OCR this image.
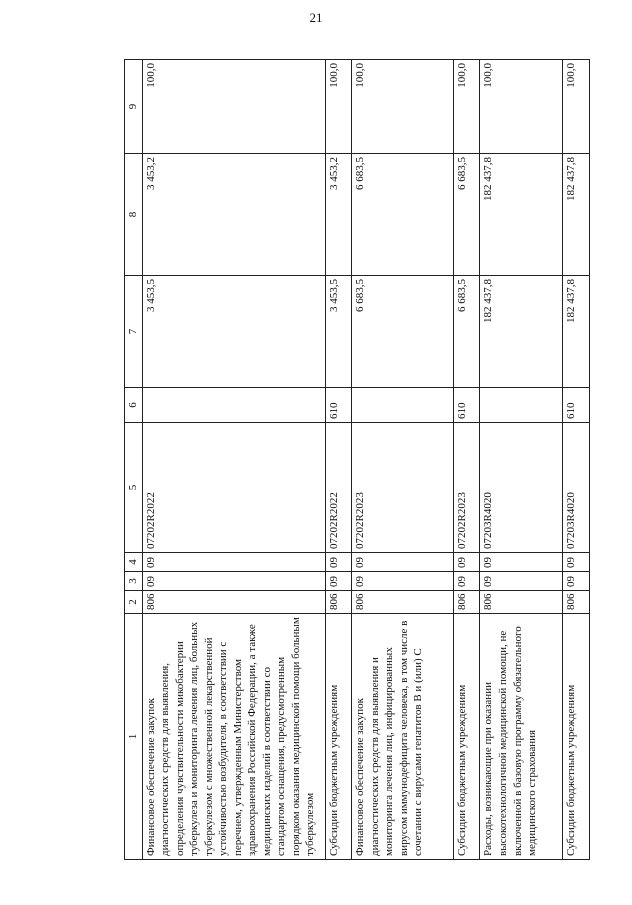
21
1	2	3	4	5	6	7	8	9
Финансовое обеспечение закупок диагностических средств для выявления, определения чувствительности микобактерии туберкулеза и мониторинга лечения лиц, больных туберкулезом с множественной лекарственной устойчивостью возбудителя, в соответствии с перечнем, утвержденным Министерством здравоохранения Российской Федерации, а также медицинских изделий в соответствии со стандартом оснащения, предусмотренным порядком оказания медицинской помощи больным туберкулезом	806	09	09	07202R2022		3 453,5	3 453,2	100,0
Субсидии бюджетным учреждениям	806	09	09	07202R2022	610	3 453,5	3 453,2	100,0
Финансовое обеспечение закупок диагностических средств для выявления и мониторинга лечения лиц, инфицированных вирусом иммунодефицита человека, в том числе в сочетании с вирусами гепатитов В и (или) С	806	09	09	07202R2023		6 683,5	6 683,5	100,0
Субсидии бюджетным учреждениям	806	09	09	07202R2023	610	6 683,5	6 683,5	100,0
Расходы, возникающие при оказании высокотехнологичной медицинской помощи, не включенной в базовую программу обязательного медицинского страхования	806	09	09	07203R4020		182 437,8	182 437,8	100,0
Субсидии бюджетным учреждениям	806	09	09	07203R4020	610	182 437,8	182 437,8	100,0
